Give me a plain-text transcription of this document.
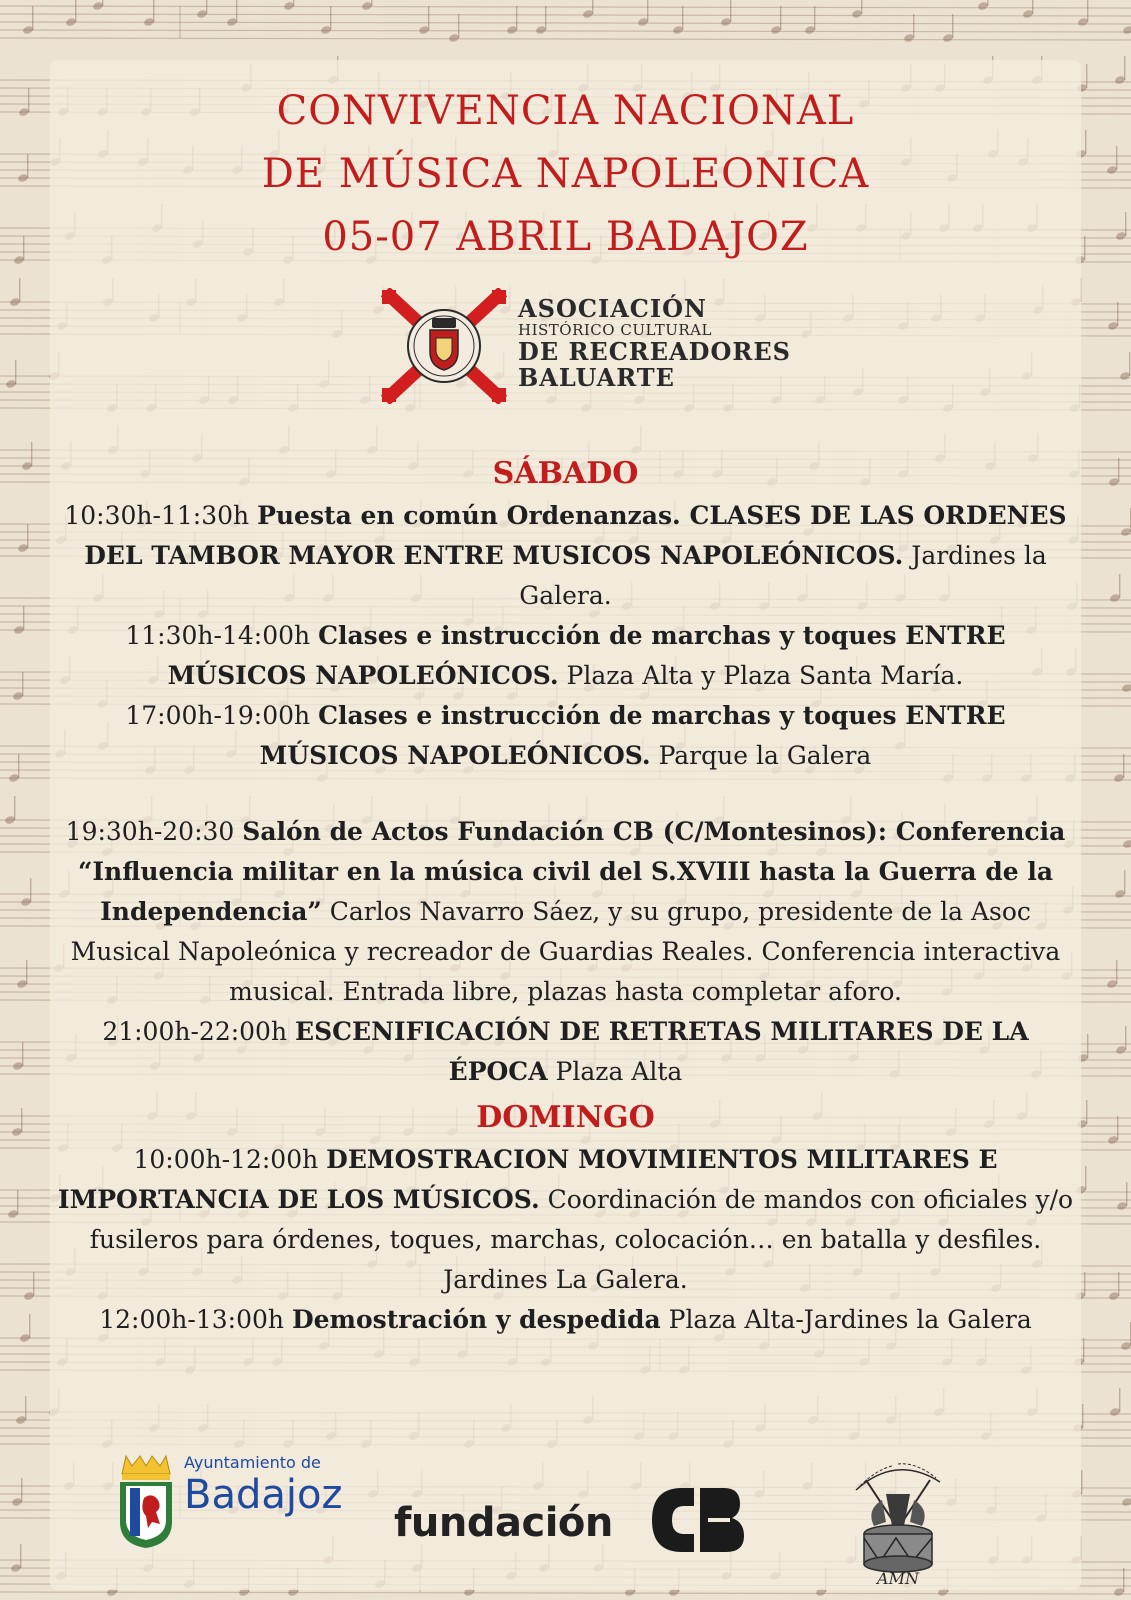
CONVIVENCIA NACIONAL
DE MÚSICA NAPOLEONICA
05-07 ABRIL BADAJOZ
ASOCIACIÓN
HISTÓRICO CULTURAL
DE RECREADORES
BALUARTE
SÁBADO

10:30h-11:30h Puesta en común Ordenanzas. CLASES DE LAS ORDENES DEL TAMBOR MAYOR ENTRE MUSICOS NAPOLEÓNICOS. Jardines la Galera.

11:30h-14:00h Clases e instrucción de marchas y toques ENTRE MÚSICOS NAPOLEÓNICOS. Plaza Alta y Plaza Santa María.

17:00h-19:00h Clases e instrucción de marchas y toques ENTRE MÚSICOS NAPOLEÓNICOS. Parque la Galera

19:30h-20:30 Salón de Actos Fundación CB (C/Montesinos): Conferencia “Influencia militar en la música civil del S.XVIII hasta la Guerra de la Independencia” Carlos Navarro Sáez, y su grupo, presidente de la Asoc Musical Napoleónica y recreador de Guardias Reales. Conferencia interactiva musical. Entrada libre, plazas hasta completar aforo.

21:00h-22:00h ESCENIFICACIÓN DE RETRETAS MILITARES DE LA ÉPOCA Plaza Alta

DOMINGO

10:00h-12:00h DEMOSTRACION MOVIMIENTOS MILITARES E IMPORTANCIA DE LOS MÚSICOS. Coordinación de mandos con oficiales y/o fusileros para órdenes, toques, marchas, colocación… en batalla y desfiles. Jardines La Galera.

12:00h-13:00h Demostración y despedida Plaza Alta-Jardines la Galera

Ayuntamiento de
Badajoz
fundación
AMN
